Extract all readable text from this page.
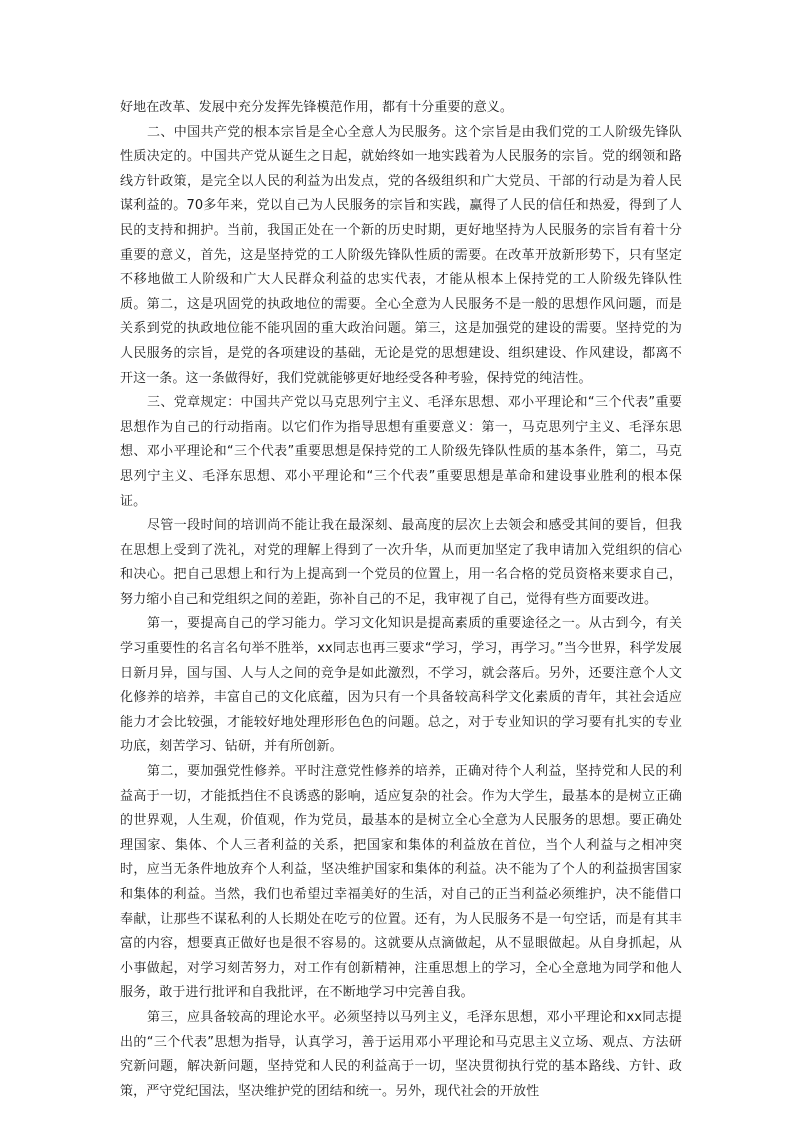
好地在改革、发展中充分发挥先锋模范作用，都有十分重要的意义。

二、中国共产党的根本宗旨是全心全意人为民服务。这个宗旨是由我们党的工人阶级先锋队性质决定的。中国共产党从诞生之日起，就始终如一地实践着为人民服务的宗旨。党的纲领和路线方针政策，是完全以人民的利益为出发点，党的各级组织和广大党员、干部的行动是为着人民谋利益的。70多年来，党以自己为人民服务的宗旨和实践，赢得了人民的信任和热爱，得到了人民的支持和拥护。当前，我国正处在一个新的历史时期，更好地坚持为人民服务的宗旨有着十分重要的意义，首先，这是坚持党的工人阶级先锋队性质的需要。在改革开放新形势下，只有坚定不移地做工人阶级和广大人民群众利益的忠实代表，才能从根本上保持党的工人阶级先锋队性质。第二，这是巩固党的执政地位的需要。全心全意为人民服务不是一般的思想作风问题，而是关系到党的执政地位能不能巩固的重大政治问题。第三，这是加强党的建设的需要。坚持党的为人民服务的宗旨，是党的各项建设的基础，无论是党的思想建设、组织建设、作风建设，都离不开这一条。这一条做得好，我们党就能够更好地经受各种考验，保持党的纯洁性。

三、党章规定：中国共产党以马克思列宁主义、毛泽东思想、邓小平理论和“三个代表”重要思想作为自己的行动指南。以它们作为指导思想有重要意义：第一，马克思列宁主义、毛泽东思想、邓小平理论和“三个代表”重要思想是保持党的工人阶级先锋队性质的基本条件，第二，马克思列宁主义、毛泽东思想、邓小平理论和“三个代表”重要思想是革命和建设事业胜利的根本保证。

尽管一段时间的培训尚不能让我在最深刻、最高度的层次上去领会和感受其间的要旨，但我在思想上受到了洗礼，对党的理解上得到了一次升华，从而更加坚定了我申请加入党组织的信心和决心。把自己思想上和行为上提高到一个党员的位置上，用一名合格的党员资格来要求自己，努力缩小自己和党组织之间的差距，弥补自己的不足，我审视了自己，觉得有些方面要改进。

第一，要提高自己的学习能力。学习文化知识是提高素质的重要途径之一。从古到今，有关学习重要性的名言名句举不胜举，xx同志也再三要求“学习，学习，再学习。”当今世界，科学发展日新月异，国与国、人与人之间的竞争是如此激烈，不学习，就会落后。另外，还要注意个人文化修养的培养，丰富自己的文化底蕴，因为只有一个具备较高科学文化素质的青年，其社会适应能力才会比较强，才能较好地处理形形色色的问题。总之，对于专业知识的学习要有扎实的专业功底，刻苦学习、钻研，并有所创新。

第二，要加强党性修养。平时注意党性修养的培养，正确对待个人利益，坚持党和人民的利益高于一切，才能抵挡住不良诱惑的影响，适应复杂的社会。作为大学生，最基本的是树立正确的世界观，人生观，价值观，作为党员，最基本的是树立全心全意为人民服务的思想。要正确处理国家、集体、个人三者利益的关系，把国家和集体的利益放在首位，当个人利益与之相冲突时，应当无条件地放弃个人利益，坚决维护国家和集体的利益。决不能为了个人的利益损害国家和集体的利益。当然，我们也希望过幸福美好的生活，对自己的正当利益必须维护，决不能借口奉献，让那些不谋私利的人长期处在吃亏的位置。还有，为人民服务不是一句空话，而是有其丰富的内容，想要真正做好也是很不容易的。这就要从点滴做起，从不显眼做起。从自身抓起，从小事做起，对学习刻苦努力，对工作有创新精神，注重思想上的学习，全心全意地为同学和他人服务，敢于进行批评和自我批评，在不断地学习中完善自我。

第三，应具备较高的理论水平。必须坚持以马列主义，毛泽东思想，邓小平理论和xx同志提出的“三个代表”思想为指导，认真学习，善于运用邓小平理论和马克思主义立场、观点、方法研究新问题，解决新问题，坚持党和人民的利益高于一切，坚决贯彻执行党的基本路线、方针、政策，严守党纪国法，坚决维护党的团结和统一。另外，现代社会的开放性
